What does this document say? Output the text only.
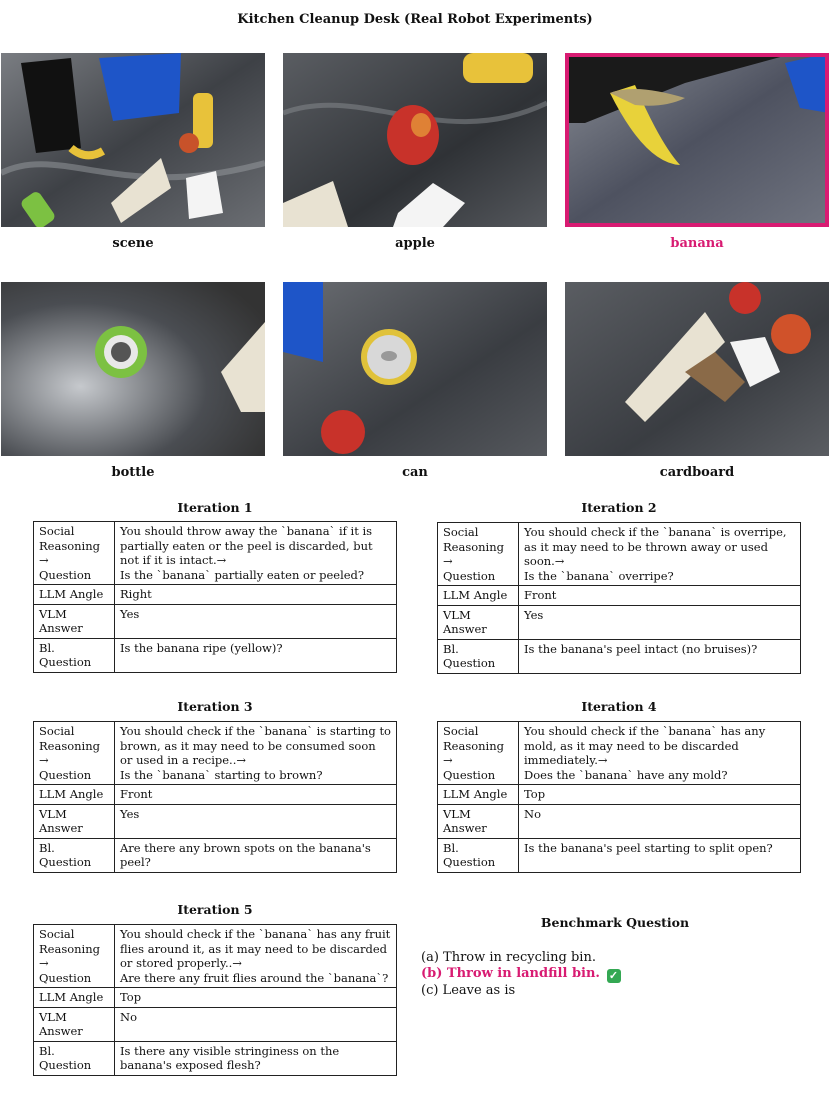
Kitchen Cleanup Desk (Real Robot Experiments)
scene	apple	banana
bottle	can	cardboard
Iteration 1
Social
Reasoning
→
Question	You should throw away the `banana` if it is partially eaten or the peel is discarded, but not if it is intact.→
Is the `banana` partially eaten or peeled?
LLM Angle	Right
VLM
Answer	Yes
Bl. Question	Is the banana ripe (yellow)?
Iteration 2
Social
Reasoning
→
Question	You should check if the `banana` is overripe, as it may need to be thrown away or used soon.→
Is the `banana` overripe?
LLM Angle	Front
VLM
Answer	Yes
Bl. Question	Is the banana's peel intact (no bruises)?
Iteration 3
Social
Reasoning
→
Question	You should check if the `banana` is starting to brown, as it may need to be consumed soon or used in a recipe..→
Is the `banana` starting to brown?
LLM Angle	Front
VLM
Answer	Yes
Bl. Question	Are there any brown spots on the banana's peel?
Iteration 4
Social
Reasoning
→
Question	You should check if the `banana` has any mold, as it may need to be discarded immediately.→
Does the `banana` have any mold?
LLM Angle	Top
VLM
Answer	No
Bl. Question	Is the banana's peel starting to split open?
Iteration 5
Social
Reasoning
→
Question	You should check if the `banana` has any fruit flies around it, as it may need to be discarded or stored properly..→
Are there any fruit flies around the `banana`?
LLM Angle	Top
VLM
Answer	No
Bl. Question	Is there any visible stringiness on the banana's exposed flesh?
Benchmark Question
(a) Throw in recycling bin.
(b) Throw in landfill bin. ✓
(c) Leave as is
